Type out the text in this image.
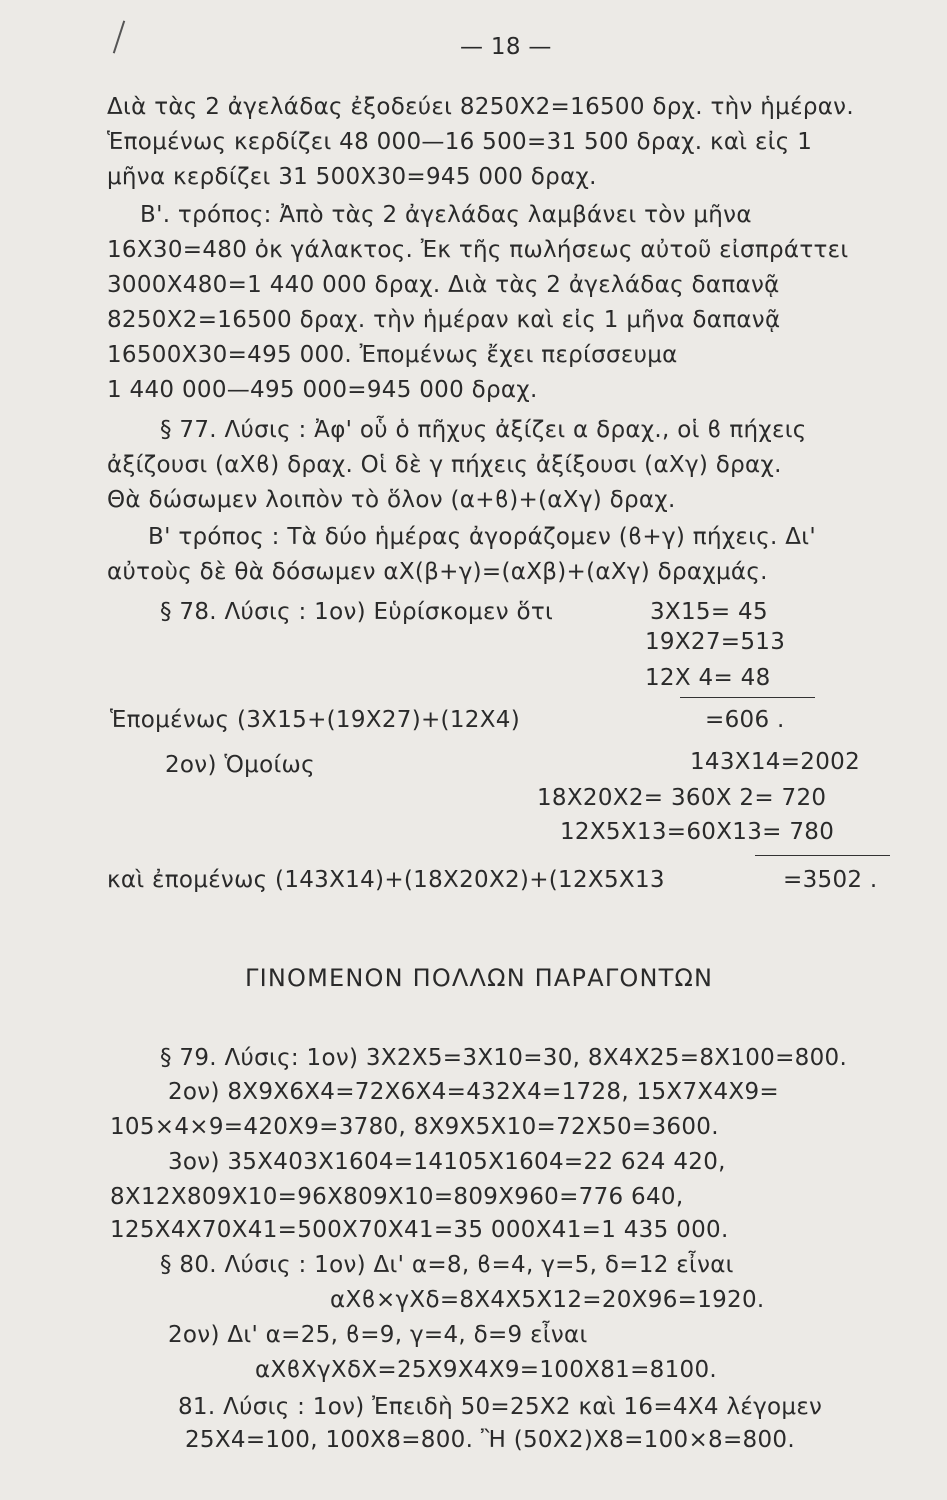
— 18 —
Διὰ τὰς 2 ἀγελάδας ἐξοδεύει 8250Χ2=16500 δρχ. τὴν ἡμέραν.
Ἑπομένως κερδίζει 48 000—16 500=31 500 δραχ. καὶ εἰς 1
μῆνα κερδίζει 31 500Χ30=945 000 δραχ.
Β'. τρόπος: Ἀπὸ τὰς 2 ἀγελάδας λαμβάνει τὸν μῆνα
16Χ30=480 ὀκ γάλακτος. Ἐκ τῆς πωλήσεως αὐτοῦ εἰσπράττει
3000Χ480=1 440 000 δραχ. Διὰ τὰς 2 ἀγελάδας δαπανᾷ
8250Χ2=16500 δραχ. τὴν ἡμέραν καὶ εἰς 1 μῆνα δαπανᾷ
16500Χ30=495 000. Ἐπομένως ἔχει περίσσευμα
1 440 000—495 000=945 000 δραχ.
§ 77. Λύσις : Ἀφ' οὗ ὁ πῆχυς ἀξίζει α δραχ., οἱ ϐ πήχεις
ἀξίζουσι (αΧϐ) δραχ. Οἱ δὲ γ πήχεις ἀξίξουσι (αΧγ) δραχ.
Θὰ δώσωμεν λοιπὸν τὸ ὅλον (α+ϐ)+(αΧγ) δραχ.
Β' τρόπος : Τὰ δύο ἡμέρας ἀγοράζομεν (ϐ+γ) πήχεις. Δι'
αὐτοὺς δὲ θὰ δόσωμεν αΧ(β+γ)=(αΧβ)+(αΧγ) δραχμάς.
§ 78. Λύσις : 1ον) Εὑρίσκομεν ὅτι	3Χ15= 45
19Χ27=513
12Χ 4= 48
Ἑπομένως (3Χ15+(19Χ27)+(12Χ4)	=606 .
2ον) Ὁμοίως	143Χ14=2002
18Χ20Χ2= 360Χ 2= 720
12Χ5Χ13=60Χ13= 780
καὶ ἐπομένως (143Χ14)+(18Χ20Χ2)+(12Χ5Χ13	=3502 .
ΓΙΝΟΜΕΝΟΝ ΠΟΛΛΩΝ ΠΑΡΑΓΟΝΤΩΝ
§ 79. Λύσις: 1ον) 3Χ2Χ5=3Χ10=30, 8Χ4Χ25=8Χ100=800.
2ον) 8Χ9Χ6Χ4=72Χ6Χ4=432Χ4=1728, 15Χ7Χ4Χ9=
105×4×9=420Χ9=3780, 8Χ9Χ5Χ10=72Χ50=3600.
3ον) 35Χ403Χ1604=14105Χ1604=22 624 420,
8Χ12Χ809Χ10=96Χ809Χ10=809Χ960=776 640,
125Χ4Χ70Χ41=500Χ70Χ41=35 000Χ41=1 435 000.
§ 80. Λύσις : 1ον) Δι' α=8, ϐ=4, γ=5, δ=12 εἶναι
αΧϐ×γΧδ=8Χ4Χ5Χ12=20Χ96=1920.
2ον) Δι' α=25, ϐ=9, γ=4, δ=9 εἶναι
αΧϐΧγΧδΧ=25Χ9Χ4Χ9=100Χ81=8100.
81. Λύσις : 1ον) Ἐπειδὴ 50=25Χ2 καὶ 16=4Χ4 λέγομεν
25Χ4=100, 100Χ8=800. Ἢ (50Χ2)Χ8=100×8=800.
